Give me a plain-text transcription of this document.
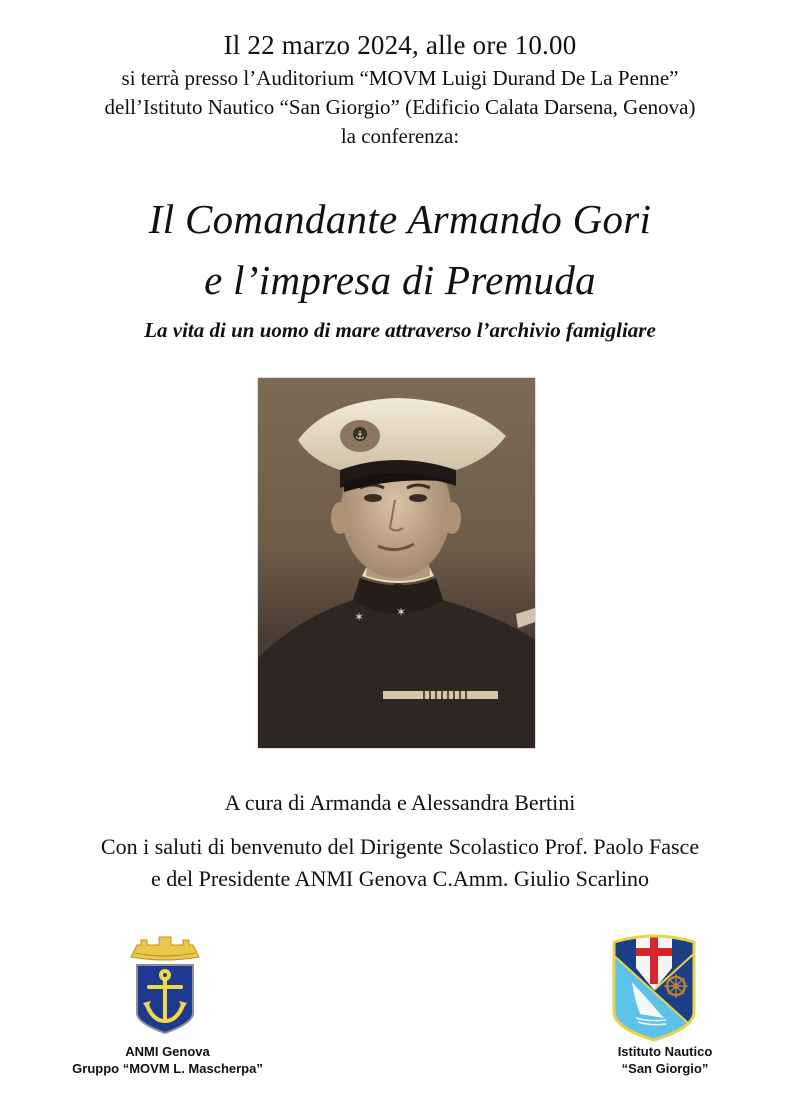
Il 22 marzo 2024, alle ore 10.00
si terrà presso l’Auditorium “MOVM Luigi Durand De La Penne”
dell’Istituto Nautico “San Giorgio” (Edificio Calata Darsena, Genova)
la conferenza:
Il Comandante Armando Gori
e l’impresa di Premuda
La vita di un uomo di mare attraverso l’archivio famigliare
✶	✶
⚓
A cura di Armanda e Alessandra Bertini
Con i saluti di benvenuto del Dirigente Scolastico Prof. Paolo Fasce
e del Presidente ANMI Genova C.Amm. Giulio Scarlino
ANMI Genova
Gruppo “MOVM L. Mascherpa”
Istituto Nautico
“San Giorgio”
